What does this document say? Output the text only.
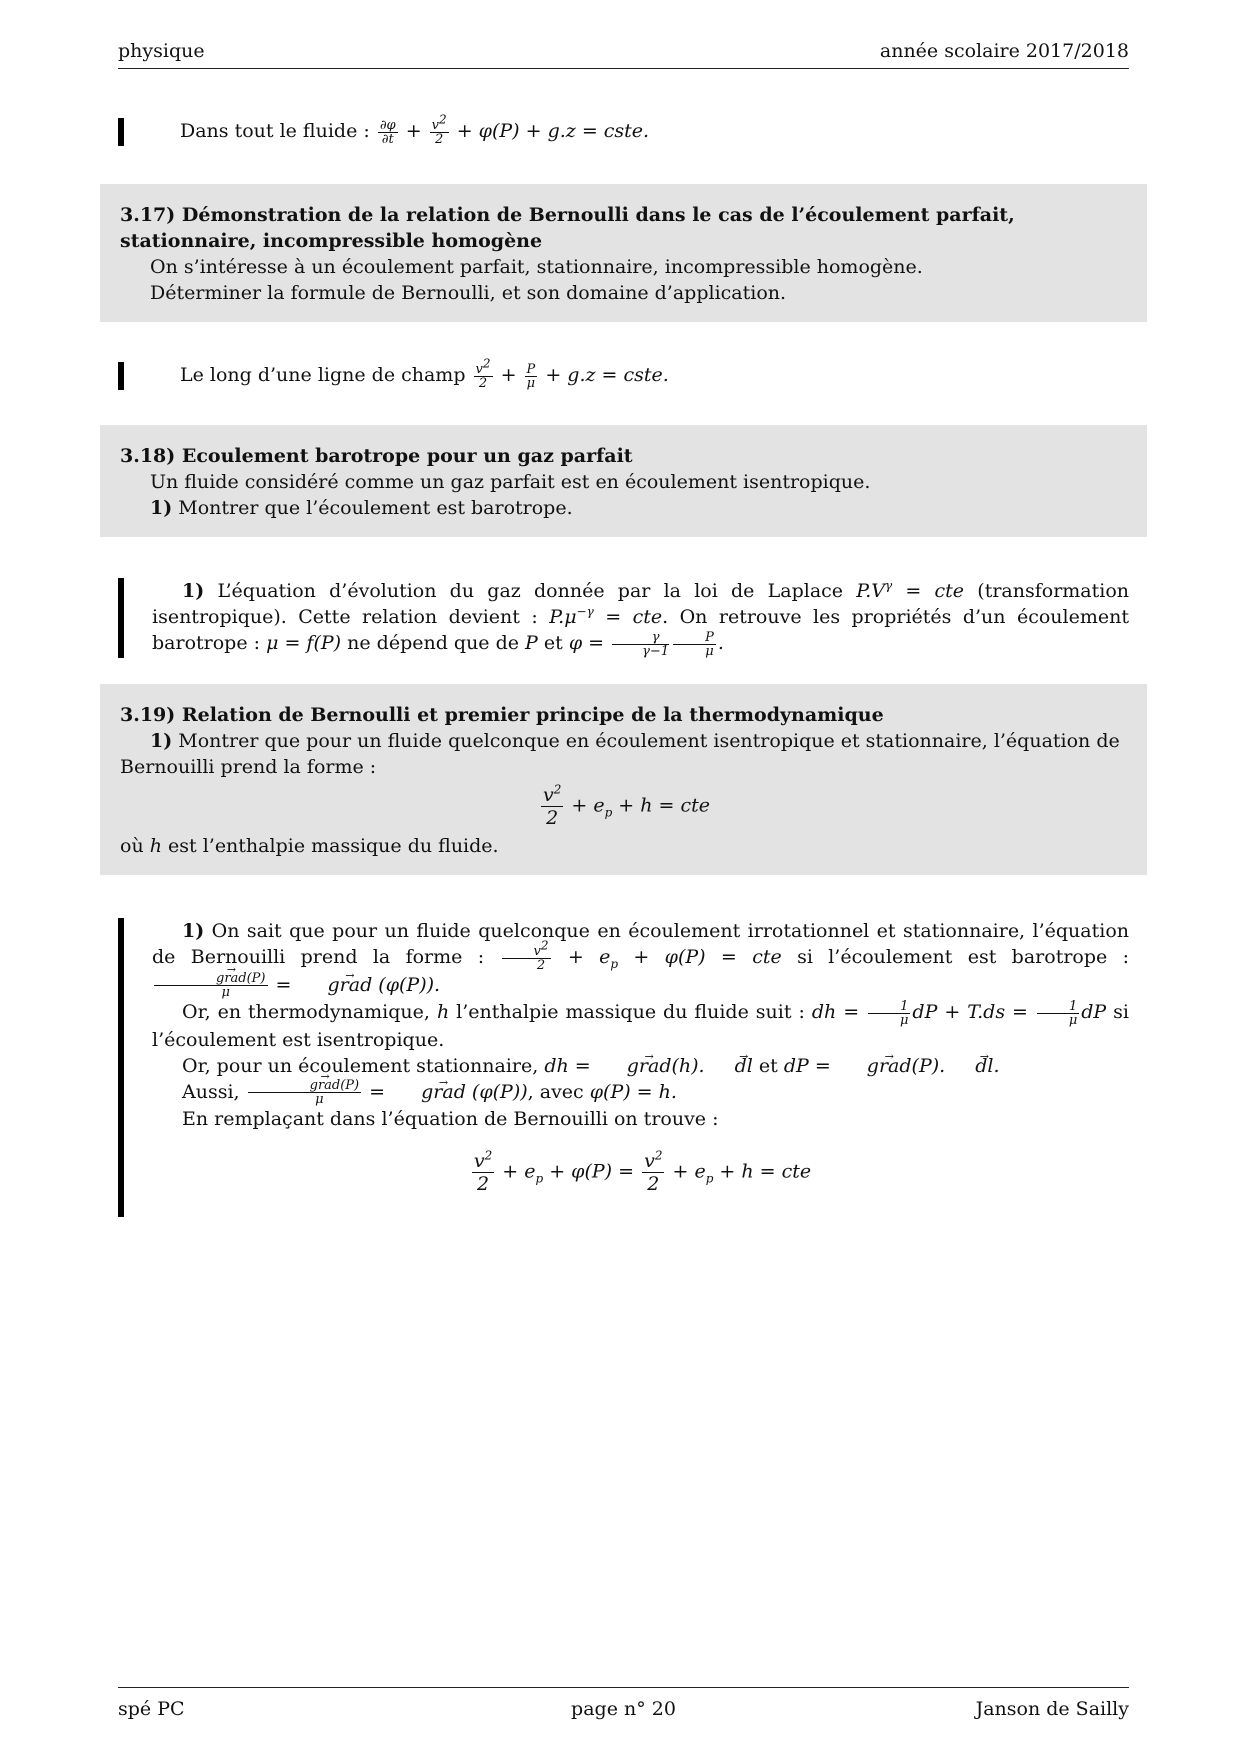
physique	année scolaire 2017/2018

Dans tout le fluide : $\frac{\partial\varphi}{\partial t} + \frac{v^2}{2} + \varphi(P) + g.z$ = cste.

3.17) Démonstration de la relation de Bernoulli dans le cas de l’écoulement parfait, stationnaire, incompressible homogène

On s’intéresse à un écoulement parfait, stationnaire, incompressible homogène.

Déterminer la formule de Bernoulli, et son domaine d’application.

Le long d’une ligne de champ $\frac{v^2}{2} + \frac{P}{\mu} + g.z$ = cste.

3.18) Ecoulement barotrope pour un gaz parfait

Un fluide considéré comme un gaz parfait est en écoulement isentropique.

1) Montrer que l’écoulement est barotrope.

1) L’équation d’évolution du gaz donnée par la loi de Laplace $P.V^\gamma$ = cte (transformation isentropique). Cette relation devient : $P.\mu^{-\gamma}$ = cte. On retrouve les propriétés d’un écoulement barotrope : μ = f(P) ne dépend que de P et $\varphi = \frac{\gamma}{\gamma-1} \frac{P}{\mu}$ .

3.19) Relation de Bernoulli et premier principe de la thermodynamique

1) Montrer que pour un fluide quelconque en écoulement isentropique et stationnaire, l’équation de Bernouilli prend la forme :

$\frac{v^2}{2} + e_p + h$ = cte

où h est l’enthalpie massique du fluide.

1) On sait que pour un fluide quelconque en écoulement irrotationnel et stationnaire, l’équation de Bernouilli prend la forme : $\frac{v^2}{2} + e_p + \varphi(P)$ = cte si l’écoulement est barotrope :
→ $\frac{\text{grad(P)}}{\mu}$ = → grad (φ(P)).

Or, en thermodynamique, h l’enthalpie massique du fluide suit : dh = $\frac{1}{\mu}$ dP + $T.ds = \frac{1}{\mu}$ dP si l’écoulement est isentropique.

Or, pour un écoulement stationnaire, dh = → grad(h). → dl et dP = → grad(P). → dl.

Aussi, → $\frac{\text{grad(P)}}{\mu}$ = → grad (φ(P)), avec φ(P) = h.

En remplaçant dans l’équation de Bernouilli on trouve :

$\frac{v^2}{2} + e_p + \varphi(P) = \frac{v^2}{2} + e_p + h$ = cte
spé PC	page n° 20	Janson de Sailly
